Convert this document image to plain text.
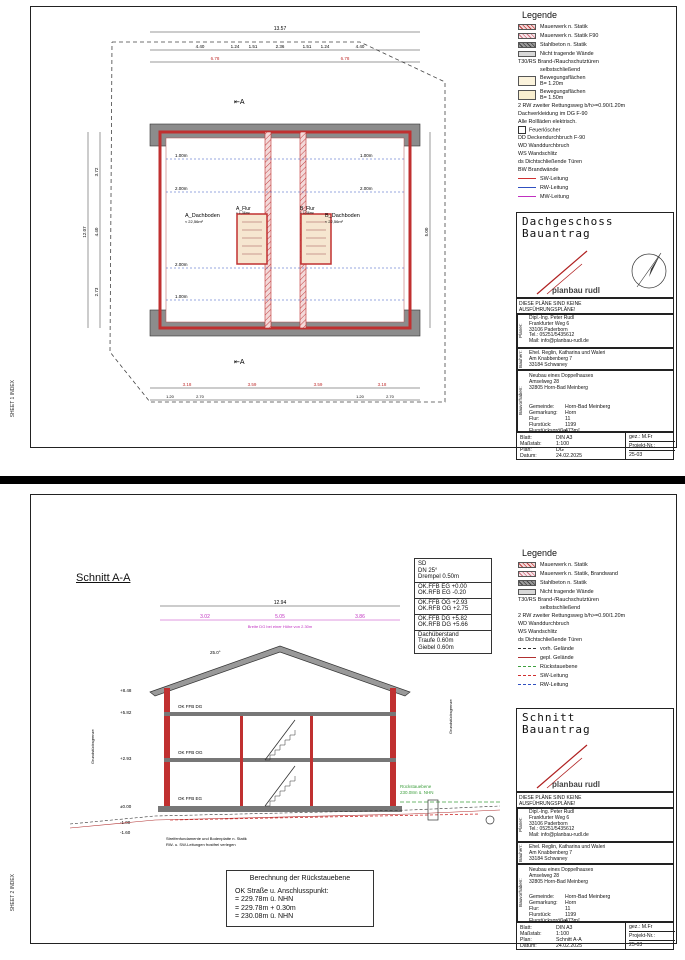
SHEET 1 INDEX
13.57
4.40	1.24 1.51	2.36	1.51 1.24	4.40
6.78	6.78
1.00m
2.00m
2.00m
1.00m
1.00m
2.00m
A_Dachboden
≈ 22,56m²
A_Flur
≈ 1,36m²
B_Flur
≈ 1,36m² B_Dachboden
≈ 22,56m²
12.07 4.40
3.72
2.73
5.00
3.18	3.59	3.59	3.18
1.20	2.70	1.20	2.70
⇤A
⇤A
Legende
Mauerwerk n. Statik
Mauerwerk n. Statik F90
Stahlbeton n. Statik
Nicht tragende Wände
T30/RS Brand-/Rauchschutztüren
selbstschließend
Bewegungsflächen
B= 1.20m
Bewegungsflächen
B= 1.50m
2 RW zweiter Rettungsweg b/h>=0.90/1.20m
Dachverkleidung im DG F-90
Alle Rollläden elektrisch.
Feuerlöscher
DD Deckendurchbruch F-90
WD Wanddurchbruch
WS Wandschlitz
ds Dichtschließende Türen
BW Brandwände
SW-Leitung
RW-Leitung
MW-Leitung
Dachgeschoss
Bauantrag
planbau rudl
DIESE PLÄNE SIND KEINE
AUSFÜHRUNGSPLÄNE!
Planer:
Dipl.-Ing. Peter Rudl
Frankfurter Weg 6
33106 Paderborn
Tel.: 05251/5435612
Mail: info@planbau-rudl.de
Bauherr:	Ehel. Reglin, Katharina und Waleri
Am Knabbenberg 7
33184 Schwaney
Bauvorhaben:
Neubau eines Doppelhauses
Amselweg 28
32805 Horn-Bad Meinberg
Gemeinde:	Horn-Bad Meinberg
Gemarkung:	Horn
Flur:	11
Flurstück:	1199
Flurstücksgröße:
473m²
Blatt:	DIN A3
Maßstab:	1:100
Plan:	DG
Datum:	24.02.2025
gez.: M.Fr
Projekt-Nr.:
25-03
SHEET 2 INDEX
Schnitt A-A
SD
DN 25°
Drempel 0.50m
OK.FFB EG +0.00
OK.RFB EG -0.20
OK.FFB OG +2.93
OK.RFB OG +2.75
OK.FFB DG +5.82
OK.RFB DG +5.66
Dachüberstand
Traufe 0.60m
Giebel 0.60m
12.94
3.02	5.05	3.86
Breite DG bei einer Höhe von 2.30m
25.0°
OK FFB DG
OK FFB OG
OK FFB EG
+8.48
+5.82
+2.93
±0.00
-1.00
-1.60
Rückstauebene
230.08m ü. NHN
Grundstücksgrenze
Grundstücksgrenze
Streifenfundamente und Bodenplatte n. Statik
RW- u. SW-Leitungen frostfrei verlegen
Berechnung der Rückstauebene
OK Straße u. Anschlusspunkt:
= 229.78m ü. NHN
= 229.78m + 0.30m
= 230.08m ü. NHN
Legende
Mauerwerk n. Statik
Mauerwerk n. Statik, Brandwand
Stahlbeton n. Statik
Nicht tragende Wände
T30/RS Brand-/Rauchschutztüren
selbstschließend
2 RW zweiter Rettungsweg b/h>=0.90/1.20m
WD Wanddurchbruch
WS Wandschlitz
ds Dichtschließende Türen
vorh. Gelände
gepl. Gelände
Rückstauebene
SW-Leitung
RW-Leitung
Schnitt
Bauantrag
planbau rudl
DIESE PLÄNE SIND KEINE
AUSFÜHRUNGSPLÄNE!
Planer:
Dipl.-Ing. Peter Rudl
Frankfurter Weg 6
33106 Paderborn
Tel.: 05251/5435612
Mail: info@planbau-rudl.de
Bauherr:	Ehel. Reglin, Katharina und Waleri
Am Knabbenberg 7
33184 Schwaney
Bauvorhaben:
Neubau eines Doppelhauses
Amselweg 28
32805 Horn-Bad Meinberg
Gemeinde:	Horn-Bad Meinberg
Gemarkung:	Horn
Flur:	11
Flurstück:	1199
Flurstücksgröße:
473m²
Blatt:	DIN A3
Maßstab:	1:100
Plan:	Schnitt A-A
Datum:	24.02.2025
gez.: M.Fr
Projekt-Nr.:
25-03
